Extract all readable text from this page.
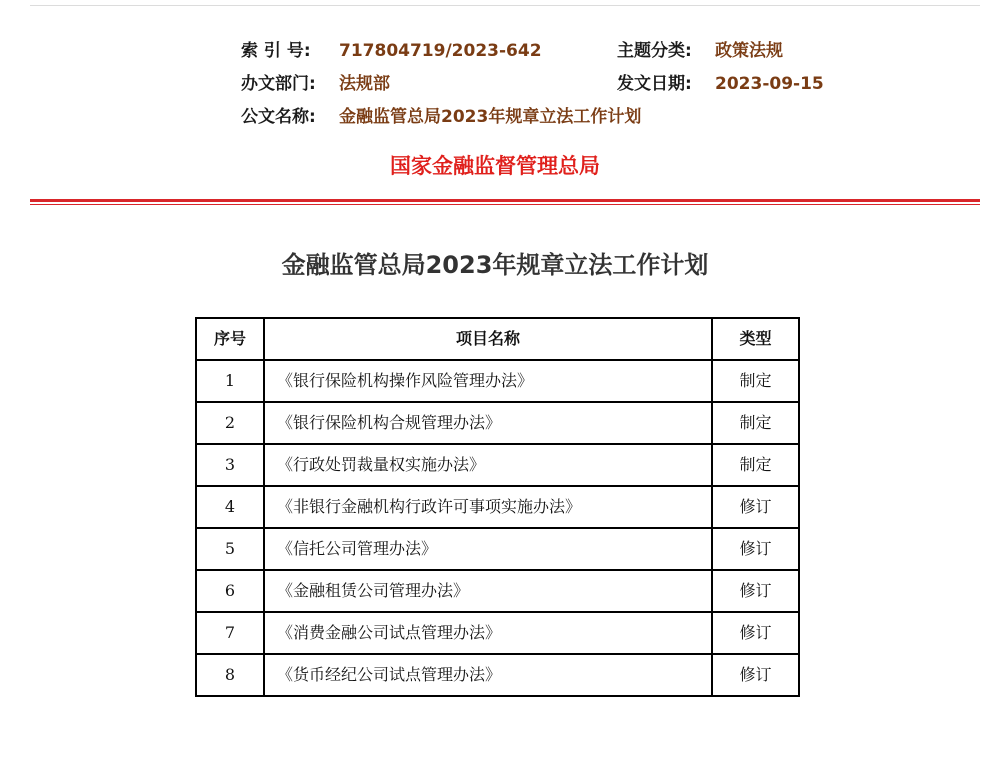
索 引 号: 717804719/2023-642	主题分类: 政策法规
办文部门: 法规部	发文日期: 2023-09-15
公文名称: 金融监管总局2023年规章立法工作计划
国家金融监督管理总局
金融监管总局2023年规章立法工作计划
序号	项目名称	类型
1	《银行保险机构操作风险管理办法》	制定
2	《银行保险机构合规管理办法》	制定
3	《行政处罚裁量权实施办法》	制定
4	《非银行金融机构行政许可事项实施办法》	修订
5	《信托公司管理办法》	修订
6	《金融租赁公司管理办法》	修订
7	《消费金融公司试点管理办法》	修订
8	《货币经纪公司试点管理办法》	修订
